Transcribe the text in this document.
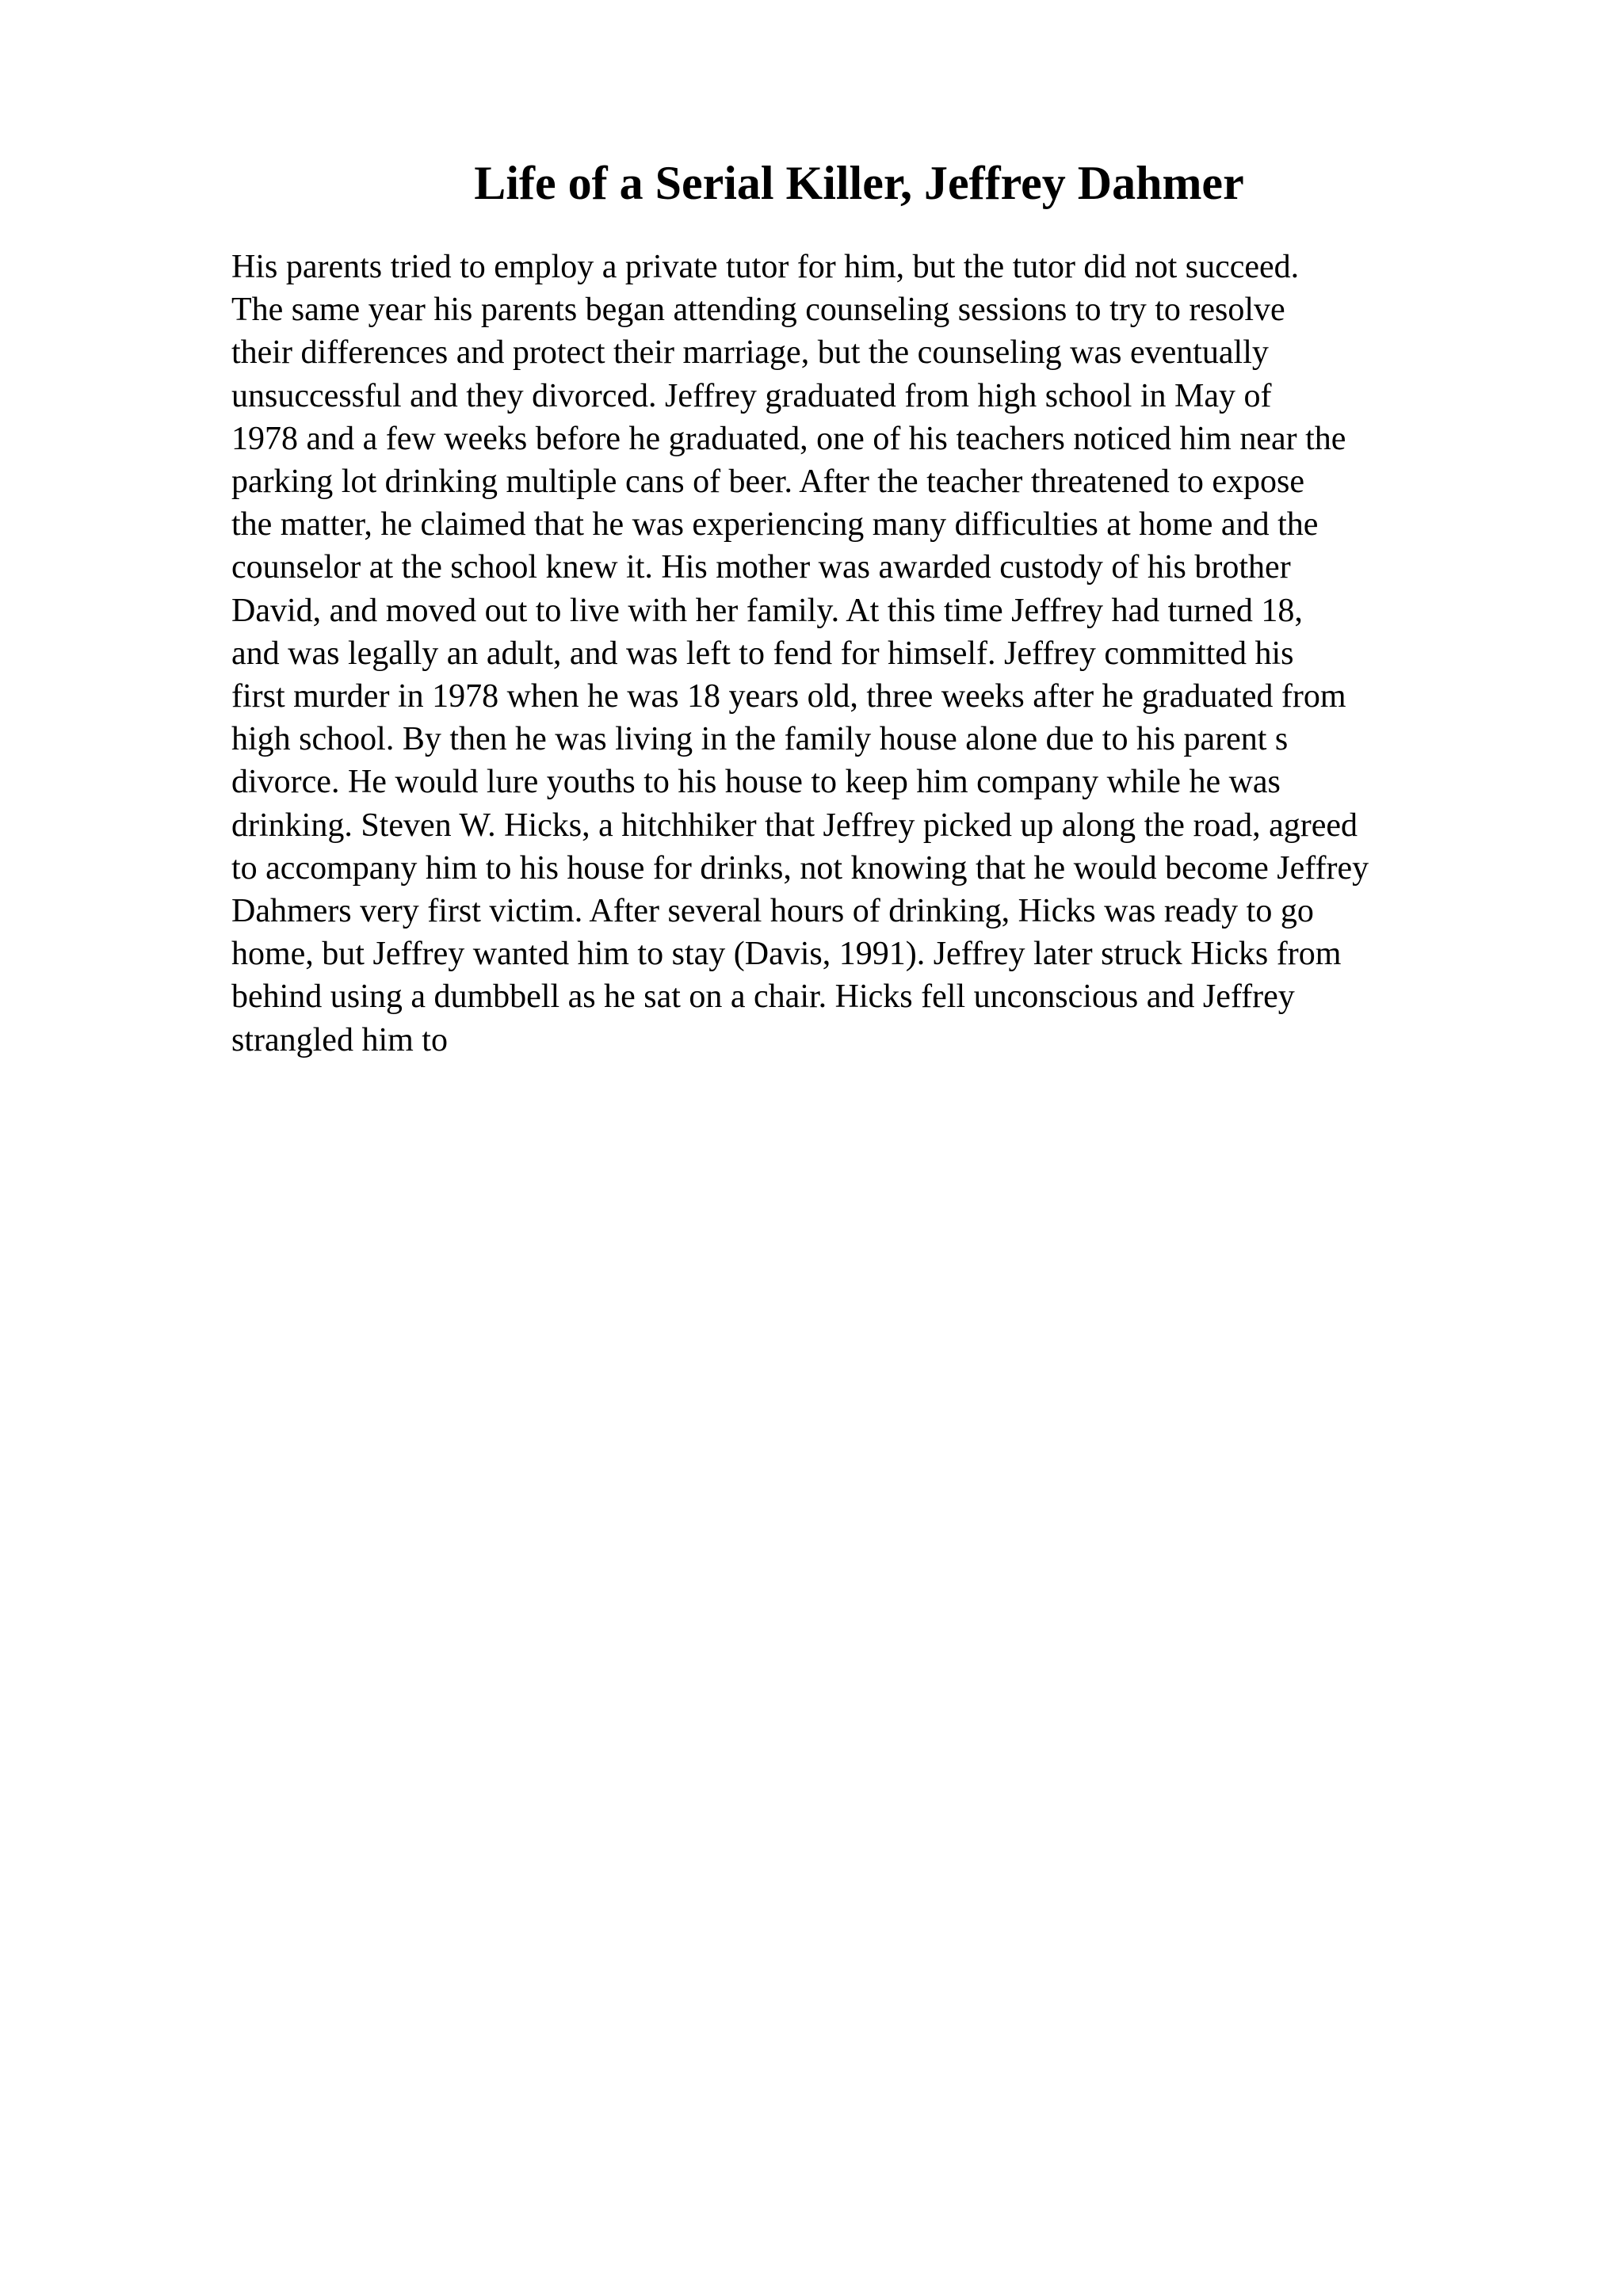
Life of a Serial Killer, Jeffrey Dahmer
His parents tried to employ a private tutor for him, but the tutor did not succeed.
The same year his parents began attending counseling sessions to try to resolve
their differences and protect their marriage, but the counseling was eventually
unsuccessful and they divorced. Jeffrey graduated from high school in May of
1978 and a few weeks before he graduated, one of his teachers noticed him near the
parking lot drinking multiple cans of beer. After the teacher threatened to expose
the matter, he claimed that he was experiencing many difficulties at home and the
counselor at the school knew it. His mother was awarded custody of his brother
David, and moved out to live with her family. At this time Jeffrey had turned 18,
and was legally an adult, and was left to fend for himself. Jeffrey committed his
first murder in 1978 when he was 18 years old, three weeks after he graduated from
high school. By then he was living in the family house alone due to his parent s
divorce. He would lure youths to his house to keep him company while he was
drinking. Steven W. Hicks, a hitchhiker that Jeffrey picked up along the road, agreed
to accompany him to his house for drinks, not knowing that he would become Jeffrey
Dahmers very first victim. After several hours of drinking, Hicks was ready to go
home, but Jeffrey wanted him to stay (Davis, 1991). Jeffrey later struck Hicks from
behind using a dumbbell as he sat on a chair. Hicks fell unconscious and Jeffrey
strangled him to
